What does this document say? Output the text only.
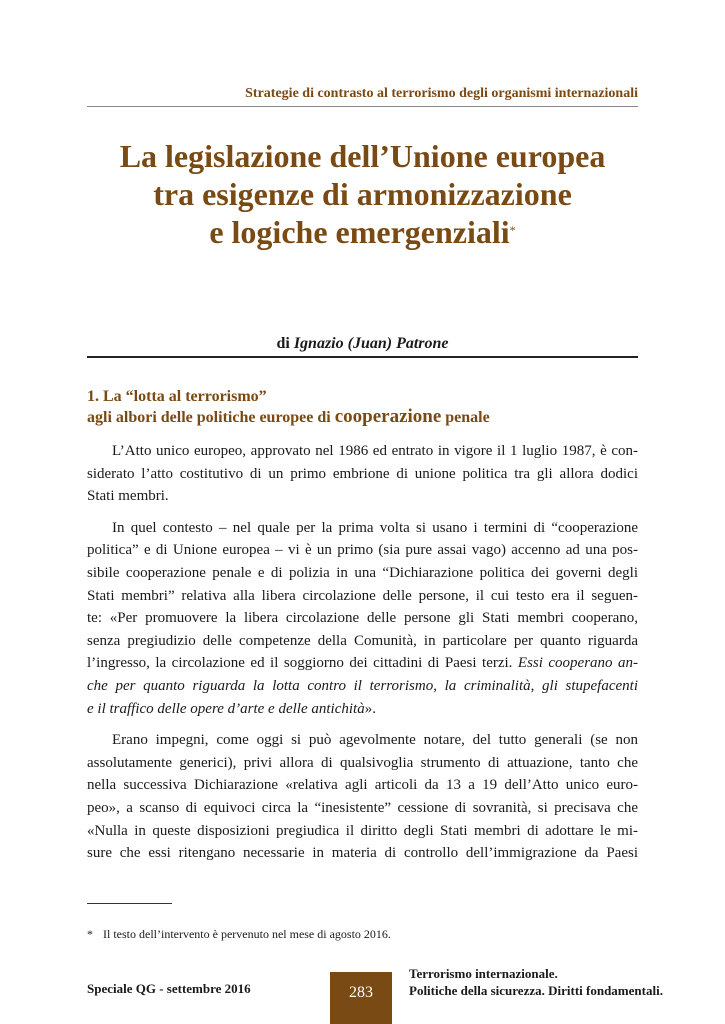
Strategie di contrasto al terrorismo degli organismi internazionali
La legislazione dell’Unione europea
tra esigenze di armonizzazione
e logiche emergenziali*
di Ignazio (Juan) Patrone
1. La “lotta al terrorismo”
agli albori delle politiche europee di cooperazione penale

L’Atto unico europeo, approvato nel 1986 ed entrato in vigore il 1 luglio 1987, è con-
siderato l’atto costitutivo di un primo embrione di unione politica tra gli allora dodici
Stati membri.

In quel contesto – nel quale per la prima volta si usano i termini di “cooperazione
politica” e di Unione europea – vi è un primo (sia pure assai vago) accenno ad una pos-
sibile cooperazione penale e di polizia in una “Dichiarazione politica dei governi degli
Stati membri” relativa alla libera circolazione delle persone, il cui testo era il seguen-
te: «Per promuovere la libera circolazione delle persone gli Stati membri cooperano,
senza pregiudizio delle competenze della Comunità, in particolare per quanto riguarda
l’ingresso, la circolazione ed il soggiorno dei cittadini di Paesi terzi. Essi cooperano an-
che per quanto riguarda la lotta contro il terrorismo, la criminalità, gli stupefacenti
e il traffico delle opere d’arte e delle antichità».

Erano impegni, come oggi si può agevolmente notare, del tutto generali (se non
assolutamente generici), privi allora di qualsivoglia strumento di attuazione, tanto che
nella successiva Dichiarazione «relativa agli articoli da 13 a 19 dell’Atto unico euro-
peo», a scanso di equivoci circa la “inesistente” cessione di sovranità, si precisava che
«Nulla in queste disposizioni pregiudica il diritto degli Stati membri di adottare le mi-
sure che essi ritengano necessarie in materia di controllo dell’immigrazione da Paesi

* Il testo dell’intervento è pervenuto nel mese di agosto 2016.
Speciale QG - settembre 2016	283
Terrorismo internazionale.
Politiche della sicurezza. Diritti fondamentali.
